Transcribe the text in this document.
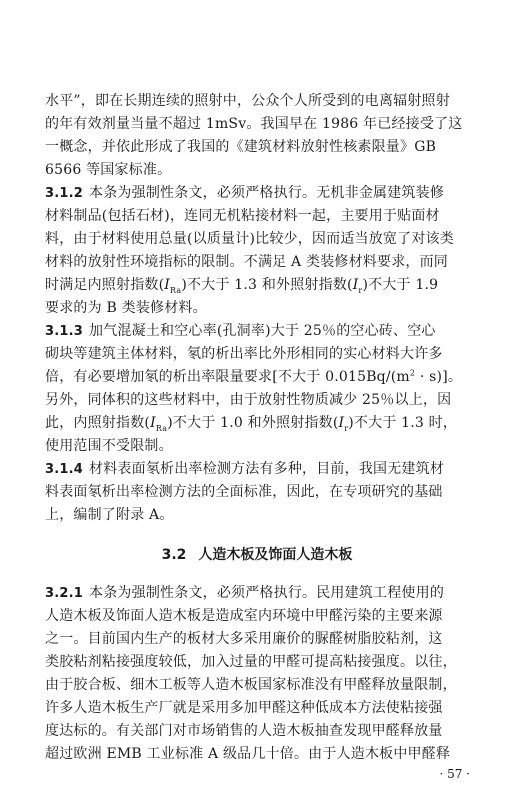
水平”，即在长期连续的照射中，公众个人所受到的电离辐射照射
的年有效剂量当量不超过 1mSv。我国早在 1986 年已经接受了这
一概念，并依此形成了我国的《建筑材料放射性核素限量》GB
6566 等国家标准。
3.1.2 本条为强制性条文，必须严格执行。无机非金属建筑装修
材料制品(包括石材)，连同无机粘接材料一起，主要用于贴面材
料，由于材料使用总量(以质量计)比较少，因而适当放宽了对该类
材料的放射性环境指标的限制。不满足 A 类装修材料要求，而同
时满足内照射指数$(I_{Ra})$不大于 1.3 和外照射指数$(I_r)$不大于 1.9
要求的为 B 类装修材料。
3.1.3 加气混凝土和空心率(孔洞率)大于 25％的空心砖、空心
砌块等建筑主体材料，氡的析出率比外形相同的实心材料大许多
倍，有必要增加氡的析出率限量要求[不大于 $0.015Bq/(m^2 \cdot s)$]。
另外，同体积的这些材料中，由于放射性物质减少 25％以上，因
此，内照射指数$(I_{Ra})$不大于 1.0 和外照射指数$(I_r)$不大于 1.3 时，
使用范围不受限制。
3.1.4 材料表面氡析出率检测方法有多种，目前，我国无建筑材
料表面氡析出率检测方法的全面标准，因此，在专项研究的基础
上，编制了附录 A。
3.2 人造木板及饰面人造木板
3.2.1 本条为强制性条文，必须严格执行。民用建筑工程使用的
人造木板及饰面人造木板是造成室内环境中甲醛污染的主要来源
之一。目前国内生产的板材大多采用廉价的脲醛树脂胶粘剂，这
类胶粘剂粘接强度较低，加入过量的甲醛可提高粘接强度。以往，
由于胶合板、细木工板等人造木板国家标准没有甲醛释放量限制，
许多人造木板生产厂就是采用多加甲醛这种低成本方法使粘接强
度达标的。有关部门对市场销售的人造木板抽查发现甲醛释放量
超过欧洲 EMB 工业标准 A 级品几十倍。由于人造木板中甲醛释
· 57 ·
